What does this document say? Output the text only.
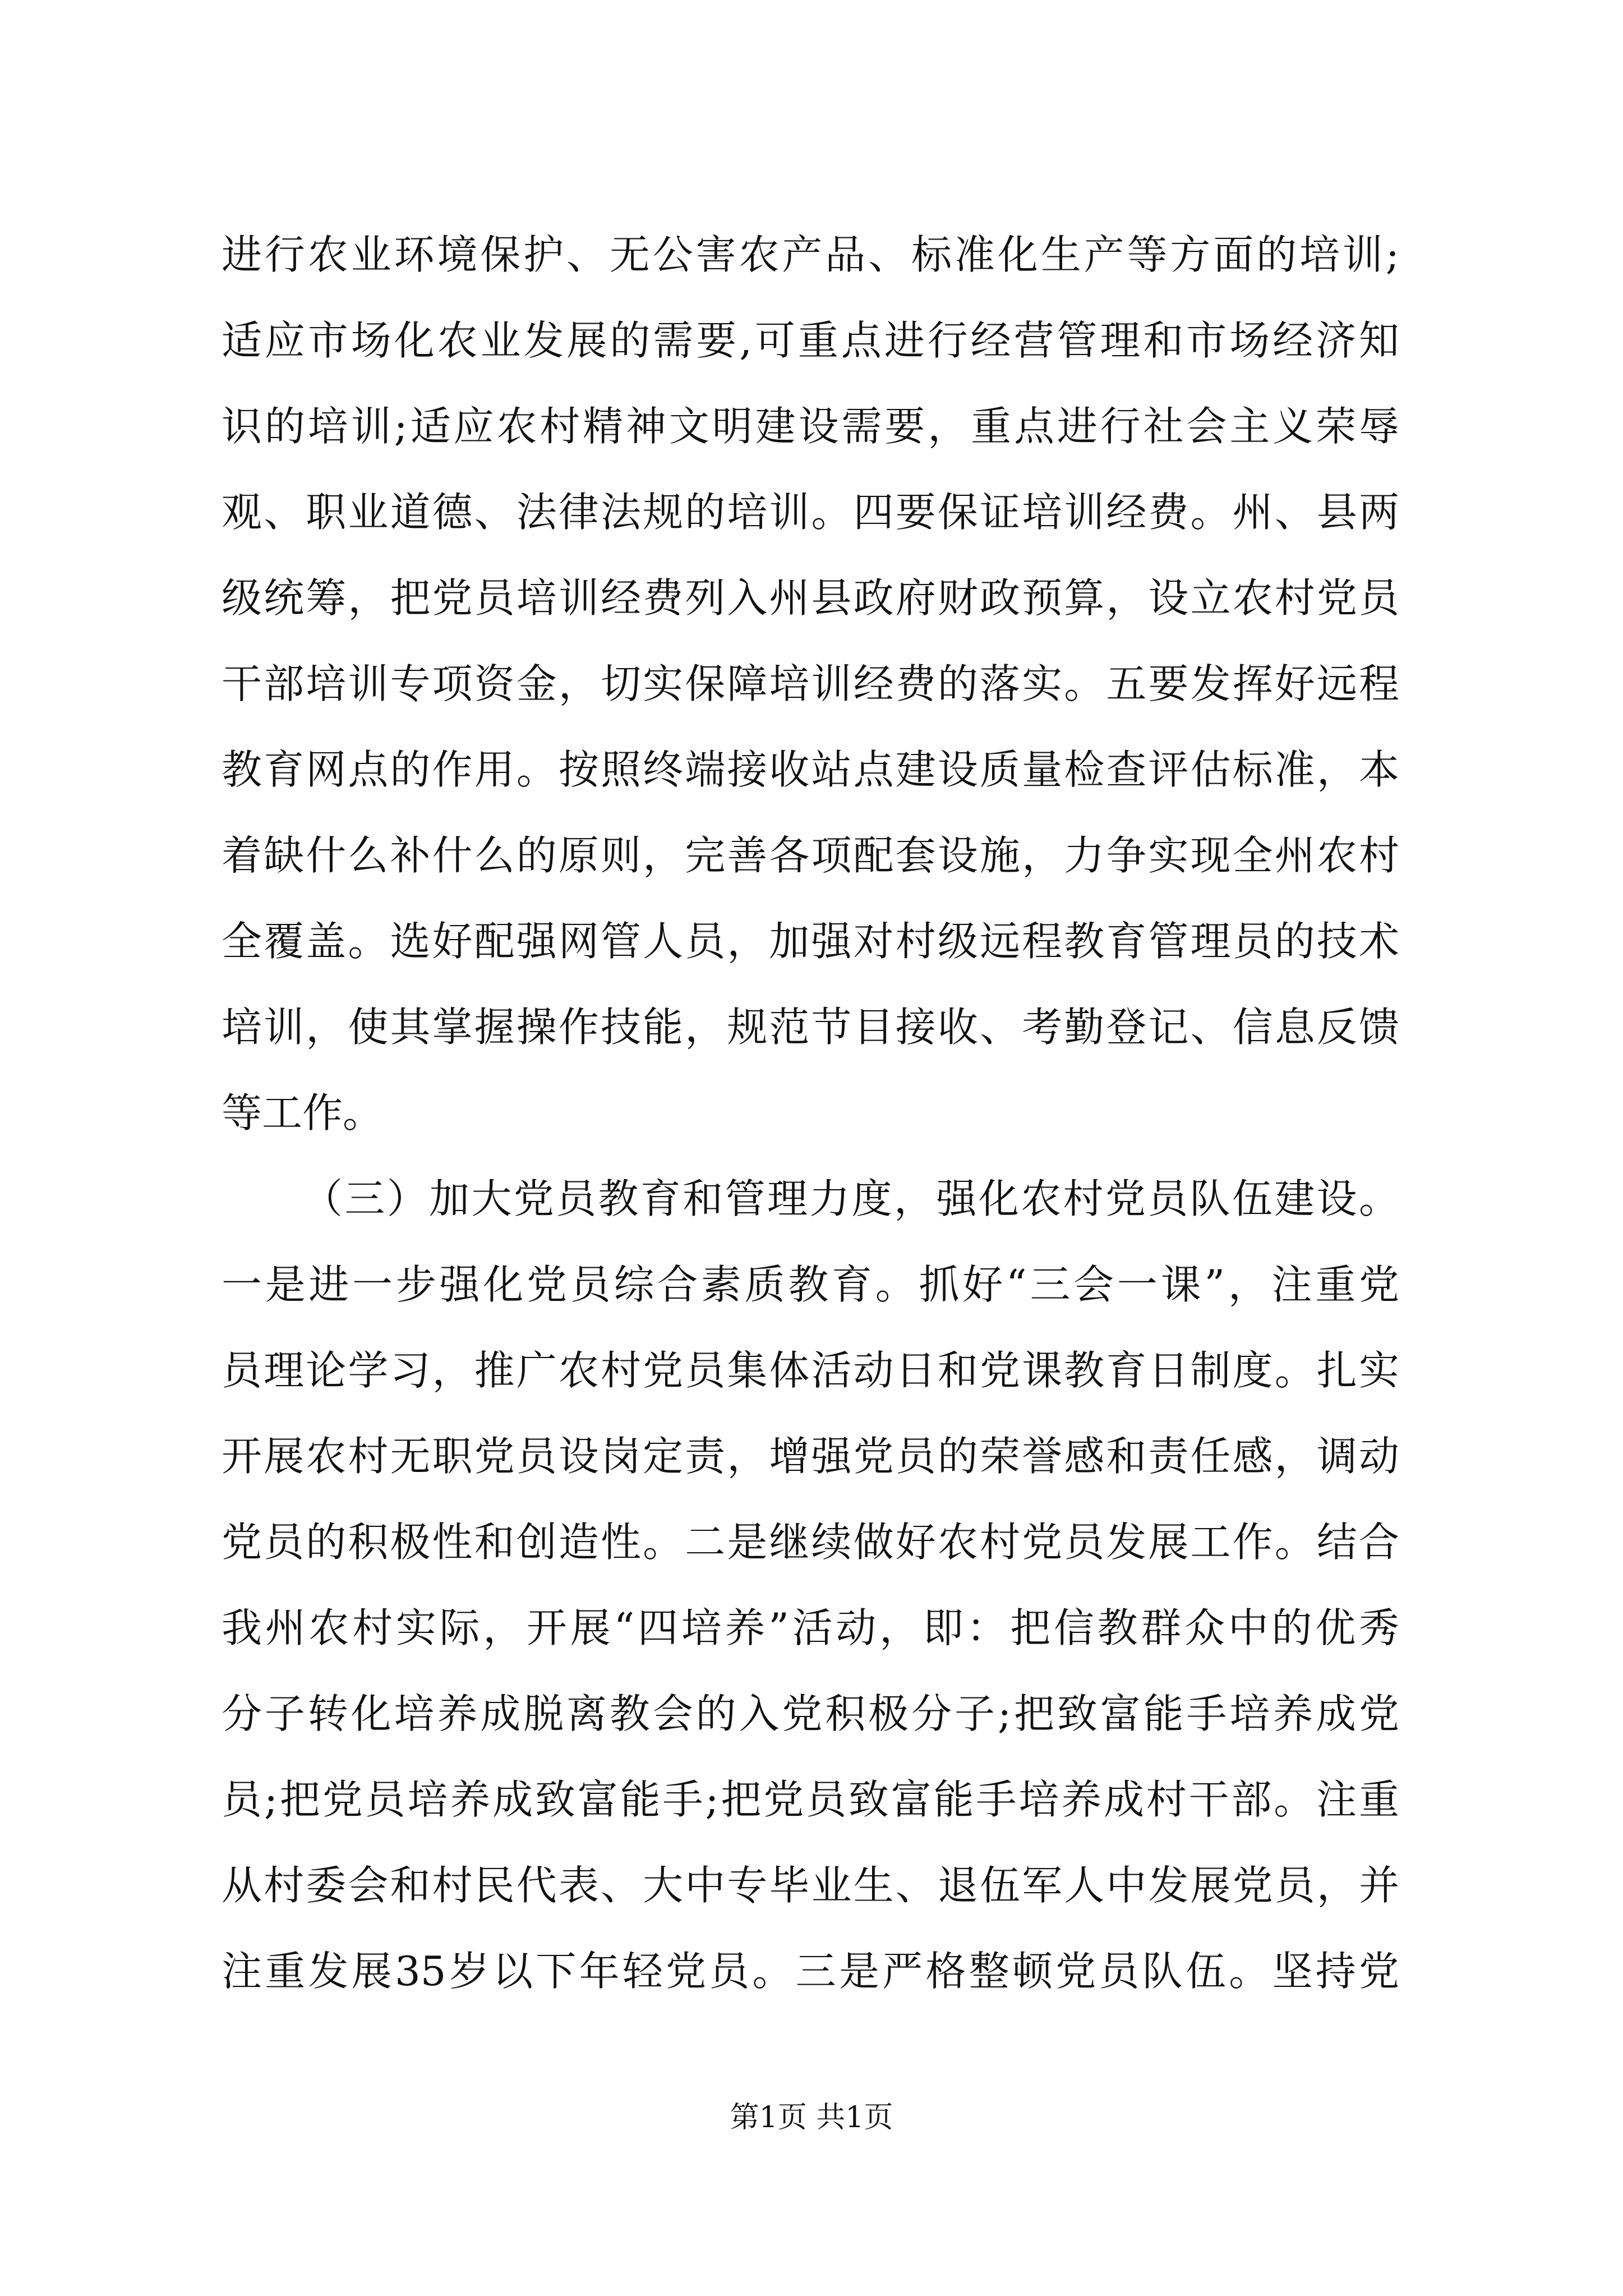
进行农业环境保护、无公害农产品、标准化生产等方面的培训;
适应市场化农业发展的需要,可重点进行经营管理和市场经济知
识的培训;适应农村精神文明建设需要，重点进行社会主义荣辱
观、职业道德、法律法规的培训。四要保证培训经费。州、县两
级统筹，把党员培训经费列入州县政府财政预算，设立农村党员
干部培训专项资金，切实保障培训经费的落实。五要发挥好远程
教育网点的作用。按照终端接收站点建设质量检查评估标准，本
着缺什么补什么的原则，完善各项配套设施，力争实现全州农村
全覆盖。选好配强网管人员，加强对村级远程教育管理员的技术
培训，使其掌握操作技能，规范节目接收、考勤登记、信息反馈
等工作。
（三）加大党员教育和管理力度，强化农村党员队伍建设。
一是进一步强化党员综合素质教育。抓好“三会一课”，注重党
员理论学习，推广农村党员集体活动日和党课教育日制度。扎实
开展农村无职党员设岗定责，增强党员的荣誉感和责任感，调动
党员的积极性和创造性。二是继续做好农村党员发展工作。结合
我州农村实际，开展“四培养”活动，即：把信教群众中的优秀
分子转化培养成脱离教会的入党积极分子;把致富能手培养成党
员;把党员培养成致富能手;把党员致富能手培养成村干部。注重
从村委会和村民代表、大中专毕业生、退伍军人中发展党员，并
注重发展35岁以下年轻党员。三是严格整顿党员队伍。坚持党
第1页 共1页
